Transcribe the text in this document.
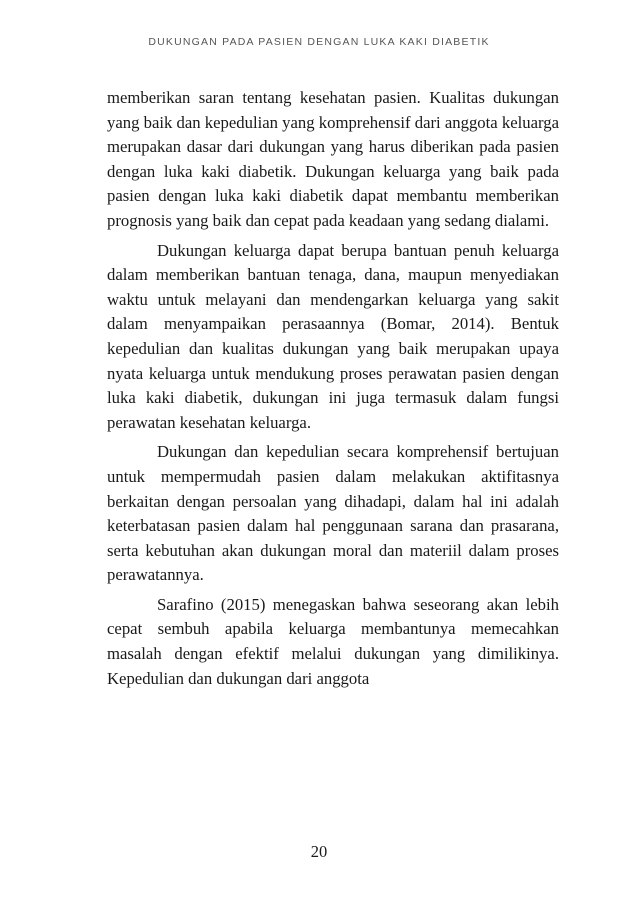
DUKUNGAN PADA PASIEN DENGAN LUKA KAKI DIABETIK

memberikan saran tentang kesehatan pasien. Kualitas dukungan yang baik dan kepedulian yang komprehensif dari anggota keluarga merupakan dasar dari dukungan yang harus diberikan pada pasien dengan luka kaki diabetik. Dukungan keluarga yang baik pada pasien dengan luka kaki diabetik dapat membantu memberikan prognosis yang baik dan cepat pada keadaan yang sedang dialami.

Dukungan keluarga dapat berupa bantuan penuh keluarga dalam memberikan bantuan tenaga, dana, maupun menyediakan waktu untuk melayani dan mendengarkan keluarga yang sakit dalam menyampaikan perasaannya (Bomar, 2014). Bentuk kepedulian dan kualitas dukungan yang baik merupakan upaya nyata keluarga untuk mendukung proses perawatan pasien dengan luka kaki diabetik, dukungan ini juga termasuk dalam fungsi perawatan kesehatan keluarga.

Dukungan dan kepedulian secara komprehensif bertujuan untuk mempermudah pasien dalam melakukan aktifitasnya berkaitan dengan persoalan yang dihadapi, dalam hal ini adalah keterbatasan pasien dalam hal penggunaan sarana dan prasarana, serta kebutuhan akan dukungan moral dan materiil dalam proses perawatannya.

Sarafino (2015) menegaskan bahwa seseorang akan lebih cepat sembuh apabila keluarga membantunya memecahkan masalah dengan efektif melalui dukungan yang dimilikinya. Kepedulian dan dukungan dari anggota

20
